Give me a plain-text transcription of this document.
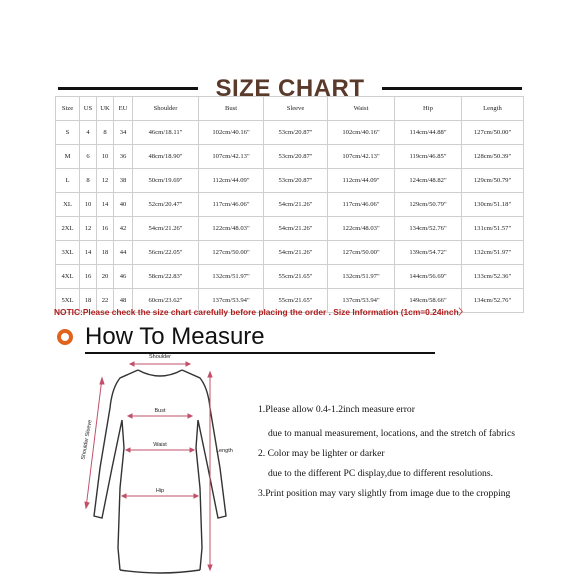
SIZE CHART
Size	US	UK	EU	Shoulder	Bust	Sleeve	Waist	Hip	Length
S	4	8	34	46cm/18.11"	102cm/40.16"	53cm/20.87"	102cm/40.16"	114cm/44.88"	127cm/50.00"
M	6	10	36	48cm/18.90"	107cm/42.13"	53cm/20.87"	107cm/42.13"	119cm/46.85"	128cm/50.39"
L	8	12	38	50cm/19.69"	112cm/44.09"	53cm/20.87"	112cm/44.09"	124cm/48.82"	129cm/50.79"
XL	10	14	40	52cm/20.47"	117cm/46.06"	54cm/21.26"	117cm/46.06"	129cm/50.79"	130cm/51.18"
2XL	12	16	42	54cm/21.26"	122cm/48.03"	54cm/21.26"	122cm/48.03"	134cm/52.76"	131cm/51.57"
3XL	14	18	44	56cm/22.05"	127cm/50.00"	54cm/21.26"	127cm/50.00"	139cm/54.72"	132cm/51.97"
4XL	16	20	46	58cm/22.83"	132cm/51.97"	55cm/21.65"	132cm/51.97"	144cm/56.69"	133cm/52.36"
5XL	18	22	48	60cm/23.62"	137cm/53.94"	55cm/21.65"	137cm/53.94"	149cm/58.66"	134cm/52.76"
NOTIC:Please check the size chart carefully before placing the order . Size Information (1cm=0.24inch〉
How To Measure
Shoulder
Bust
Waist
Hip
Length
Shoulder Sleeve
1.Please allow 0.4-1.2inch measure error
due to manual measurement, locations, and the stretch of fabrics
2. Color may be lighter or darker
due to the different PC display,due to different resolutions.
3.Print position may vary slightly from image due to the cropping
